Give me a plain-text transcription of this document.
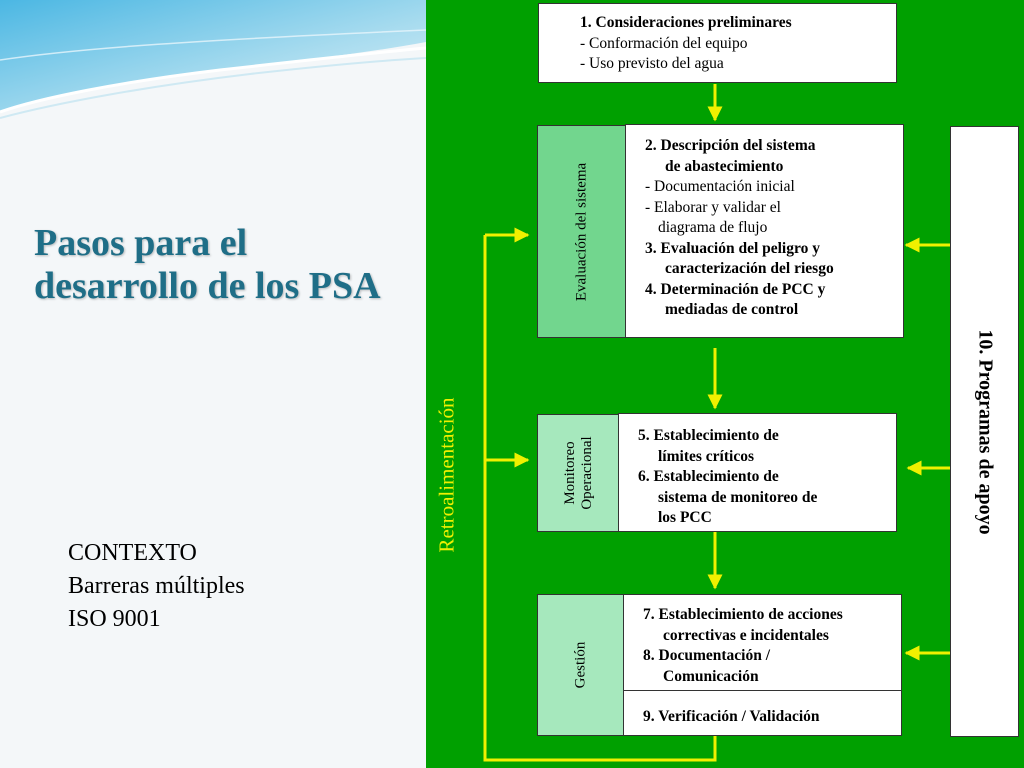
Pasos para el desarrollo de los PSA
CONTEXTO
Barreras múltiples
ISO 9001
1. Consideraciones preliminares
- Conformación del equipo
- Uso previsto del agua
Evaluación del sistema
2. Descripción del sistema
de abastecimiento
- Documentación inicial
- Elaborar y validar el
diagrama de flujo
3. Evaluación del peligro y
caracterización del riesgo
4. Determinación de PCC y
mediadas de control
Monitoreo Operacional
5. Establecimiento de
límites críticos
6. Establecimiento de
sistema de monitoreo de
los PCC
Gestión
7. Establecimiento de acciones
correctivas e incidentales
8. Documentación /
Comunicación
9. Verificación / Validación
Retroalimentación	10. Programas de apoyo
